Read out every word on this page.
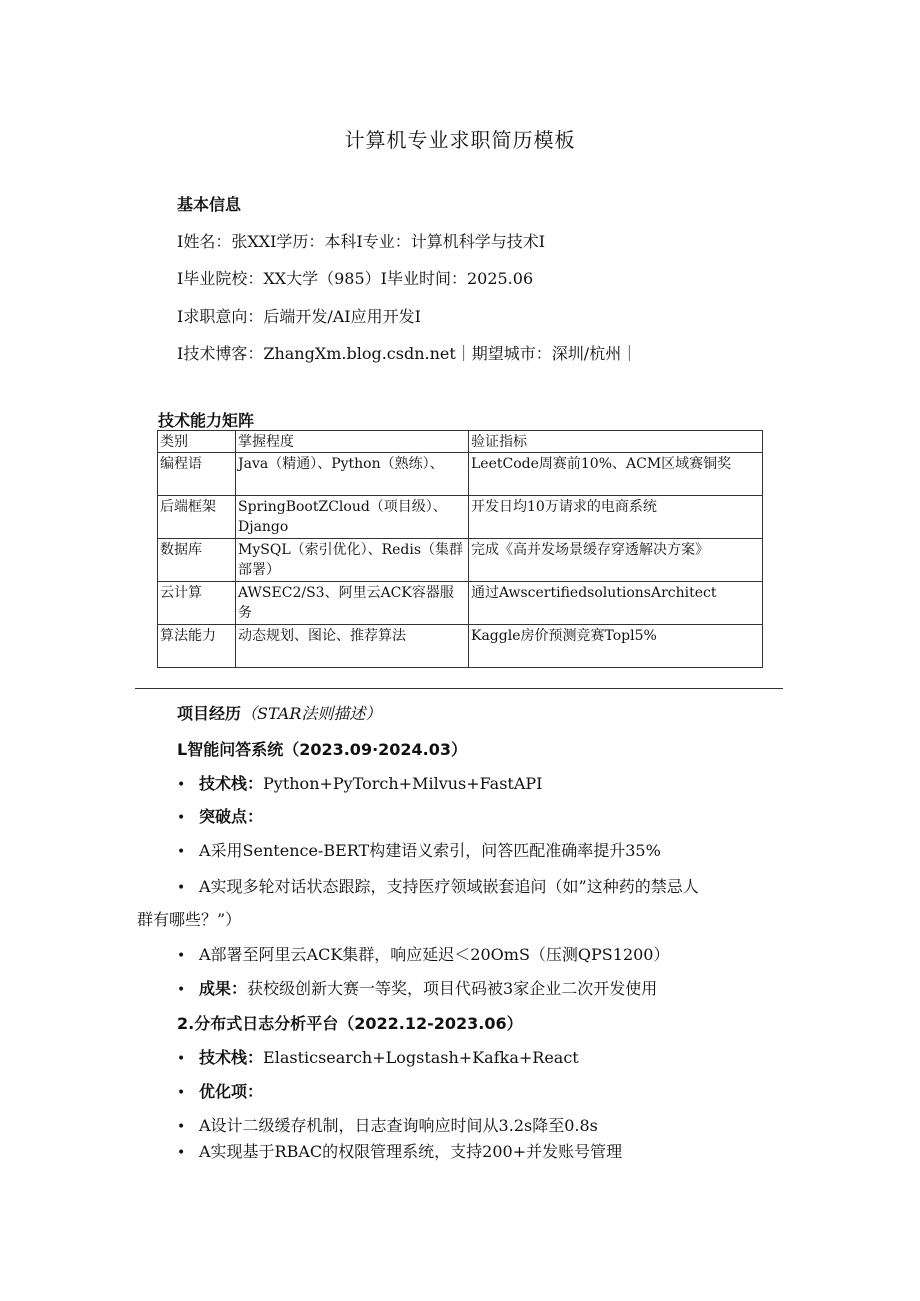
计算机专业求职简历模板
基本信息
I姓名：张XXI学历：本科I专业：计算机科学与技术I
I毕业院校：XX大学（985）I毕业时间：2025.06
I求职意向：后端开发/AI应用开发I
I技术博客：ZhangXm.blog.csdn.net｜期望城市：深圳/杭州｜
技术能力矩阵
类别	掌握程度	验证指标
编程语	Java（精通）、Python（熟练）、	LeetCode周赛前10%、ACM区域赛铜奖
后端框架	SpringBootZCloud（项目级）、Django	开发日均10万请求的电商系统
数据库	MySQL（索引优化）、Redis（集群部署）	完成《高并发场景缓存穿透解决方案》
云计算	AWSEC2/S3、阿里云ACK容器服务	通过AwscertifiedsolutionsArchitect
算法能力	动态规划、图论、推荐算法	Kaggle房价预测竞赛Topl5%
项目经历（STAR法则描述）
L智能问答系统（2023.09·2024.03）
• 技术栈：Python+PyTorch+Milvus+FastAPI
• 突破点：
• A采用Sentence-BERT构建语义索引，问答匹配准确率提升35%
• A实现多轮对话状态跟踪，支持医疗领域嵌套追问（如”这种药的禁忌人
群有哪些？”）
• A部署至阿里云ACK集群，响应延迟＜20OmS（压测QPS1200）
• 成果：获校级创新大赛一等奖，项目代码被3家企业二次开发使用
2.分布式日志分析平台（2022.12-2023.06）
• 技术栈：Elasticsearch+Logstash+Kafka+React
• 优化项：
• A设计二级缓存机制，日志查询响应时间从3.2s降至0.8s
• A实现基于RBAC的权限管理系统，支持200+并发账号管理
